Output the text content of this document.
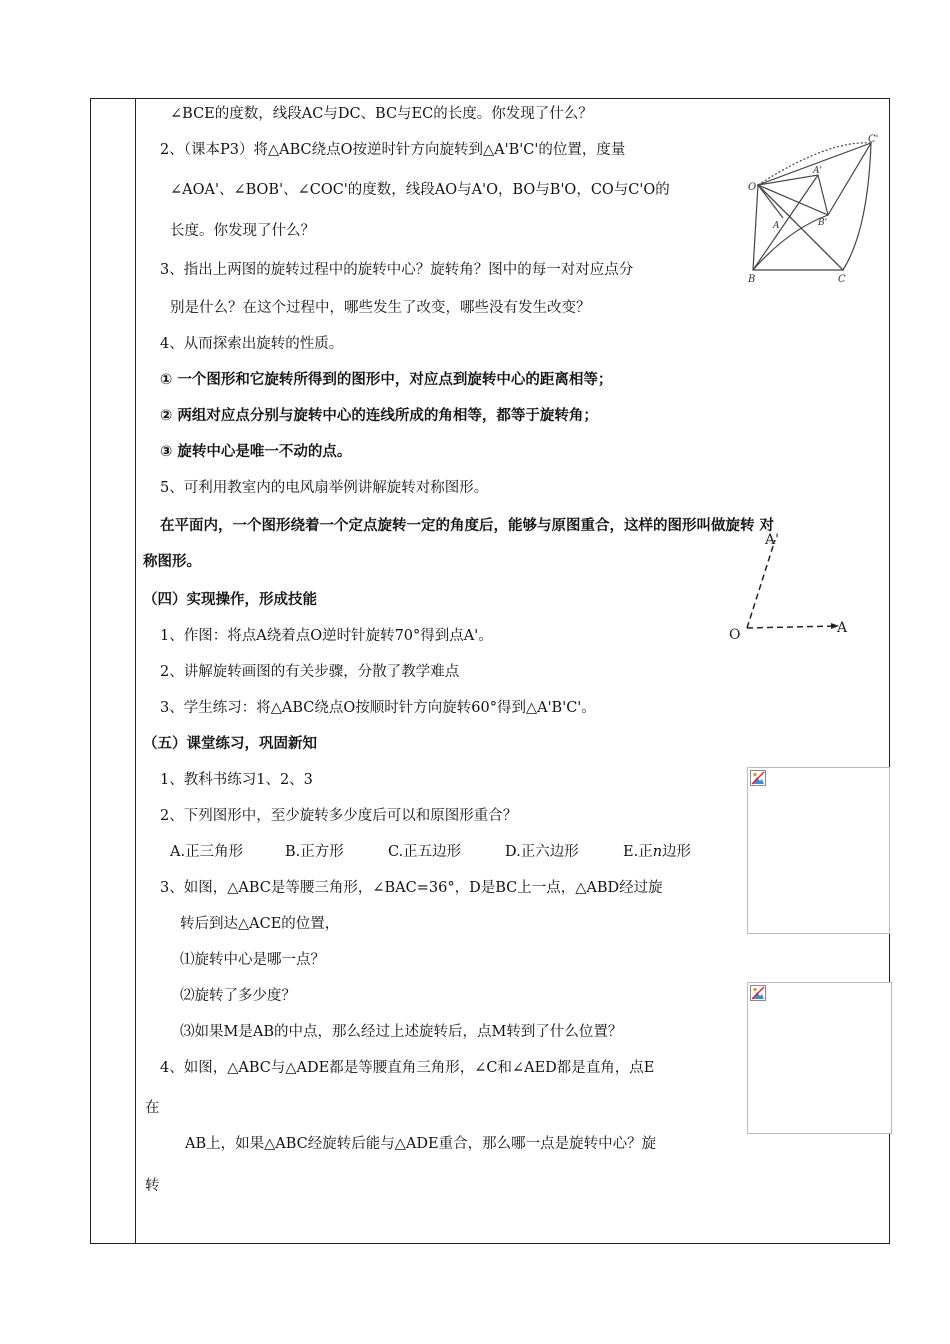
∠BCE的度数，线段AC与DC、BC与EC的长度。你发现了什么？
2、（课本P3）将△ABC绕点O按逆时针方向旋转到△A'B'C'的位置，度量
∠AOA'、∠BOB'、∠COC'的度数，线段AO与A'O，BO与B'O，CO与C'O的
长度。你发现了什么？
3、指出上两图的旋转过程中的旋转中心？旋转角？图中的每一对对应点分
别是什么？在这个过程中，哪些发生了改变，哪些没有发生改变？
4、从而探索出旋转的性质。
① 一个图形和它旋转所得到的图形中，对应点到旋转中心的距离相等；
② 两组对应点分别与旋转中心的连线所成的角相等，都等于旋转角；
③ 旋转中心是唯一不动的点。
5、可利用教室内的电风扇举例讲解旋转对称图形。
在平面内，一个图形绕着一个定点旋转一定的角度后，能够与原图重合，这样的图形叫做旋转 对
称图形。
（四）实现操作，形成技能
1、作图：将点A绕着点O逆时针旋转70°得到点A'。
2、讲解旋转画图的有关步骤，分散了教学难点
3、学生练习：将△ABC绕点O按顺时针方向旋转60°得到△A'B'C'。
（五）课堂练习，巩固新知
1、教科书练习1、2、3
2、下列图形中，至少旋转多少度后可以和原图形重合？
A.正三角形	B.正方形	C.正五边形	D.正六边形	E.正n边形
3、如图，△ABC是等腰三角形，∠BAC=36°，D是BC上一点，△ABD经过旋
转后到达△ACE的位置，
⑴旋转中心是哪一点？
⑵旋转了多少度？
⑶如果M是AB的中点，那么经过上述旋转后，点M转到了什么位置？
4、如图，△ABC与△ADE都是等腰直角三角形，∠C和∠AED都是直角，点E
在
AB上，如果△ABC经旋转后能与△ADE重合，那么哪一点是旋转中心？旋
转
C'
O
A'
B'
A
B	C
A'
O	A
